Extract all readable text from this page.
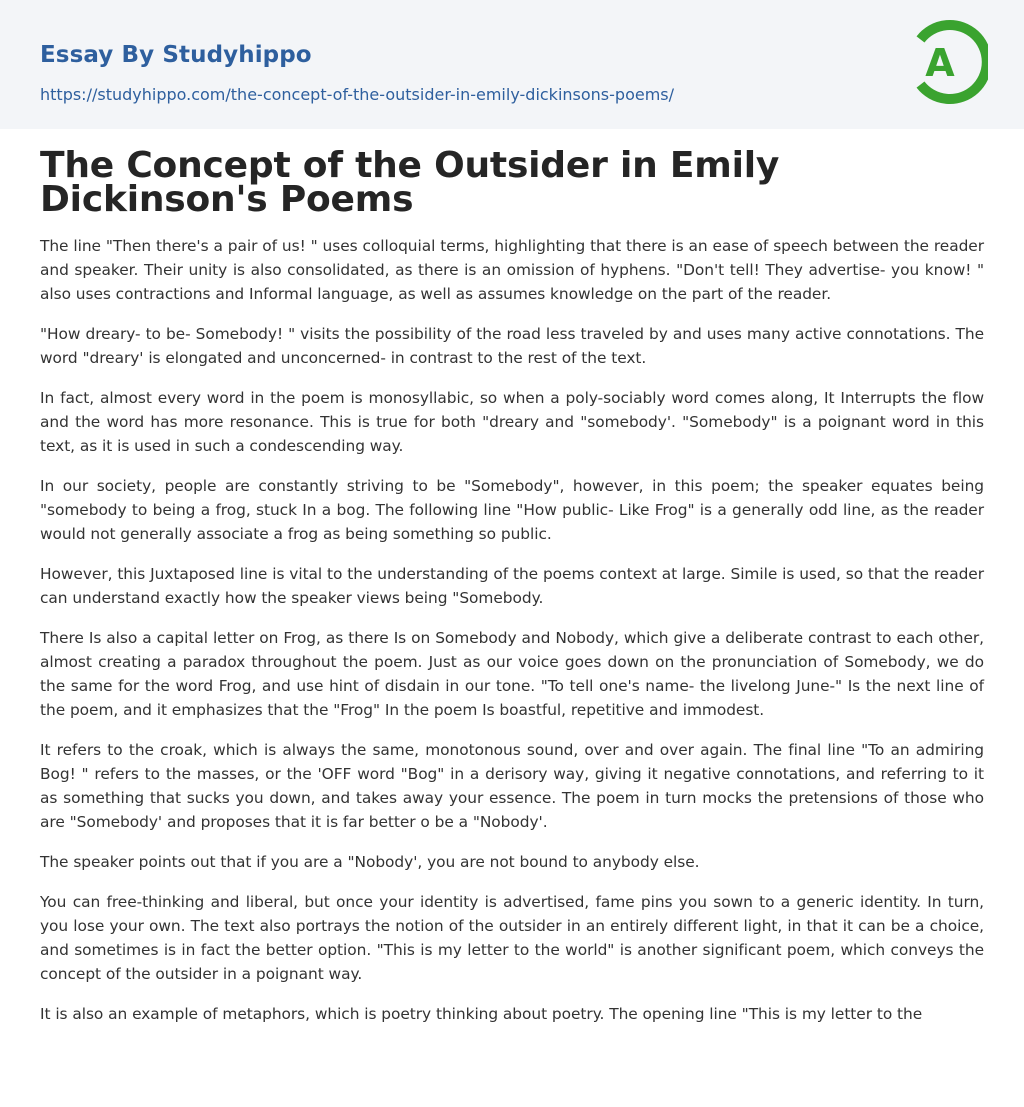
Essay By Studyhippo
https://studyhippo.com/the-concept-of-the-outsider-in-emily-dickinsons-poems/
A
The Concept of the Outsider in Emily Dickinson's Poems

The line "Then there's a pair of us! " uses colloquial terms, highlighting that there is an ease of speech between the reader and speaker. Their unity is also consolidated, as there is an omission of hyphens. "Don't tell! They advertise- you know! " also uses contractions and Informal language, as well as assumes knowledge on the part of the reader.

"How dreary- to be- Somebody! " visits the possibility of the road less traveled by and uses many active connotations. The word "dreary' is elongated and unconcerned- in contrast to the rest of the text.

In fact, almost every word in the poem is monosyllabic, so when a poly-sociably word comes along, It Interrupts the flow and the word has more resonance. This is true for both "dreary and "somebody'. "Somebody" is a poignant word in this text, as it is used in such a condescending way.

In our society, people are constantly striving to be "Somebody", however, in this poem; the speaker equates being "somebody to being a frog, stuck In a bog. The following line "How public- Like Frog" is a generally odd line, as the reader would not generally associate a frog as being something so public.

However, this Juxtaposed line is vital to the understanding of the poems context at large. Simile is used, so that the reader can understand exactly how the speaker views being "Somebody.

There Is also a capital letter on Frog, as there Is on Somebody and Nobody, which give a deliberate contrast to each other, almost creating a paradox throughout the poem. Just as our voice goes down on the pronunciation of Somebody, we do the same for the word Frog, and use hint of disdain in our tone. "To tell one's name- the livelong June-" Is the next line of the poem, and it emphasizes that the "Frog" In the poem Is boastful, repetitive and immodest.

It refers to the croak, which is always the same, monotonous sound, over and over again. The final line "To an admiring Bog! " refers to the masses, or the 'OFF word "Bog" in a derisory way, giving it negative connotations, and referring to it as something that sucks you down, and takes away your essence. The poem in turn mocks the pretensions of those who are "Somebody' and proposes that it is far better o be a "Nobody'.

The speaker points out that if you are a "Nobody', you are not bound to anybody else.

You can free-thinking and liberal, but once your identity is advertised, fame pins you sown to a generic identity. In turn, you lose your own. The text also portrays the notion of the outsider in an entirely different light, in that it can be a choice, and sometimes is in fact the better option. "This is my letter to the world" is another significant poem, which conveys the concept of the outsider in a poignant way.

It is also an example of metaphors, which is poetry thinking about poetry. The opening line "This is my letter to the
